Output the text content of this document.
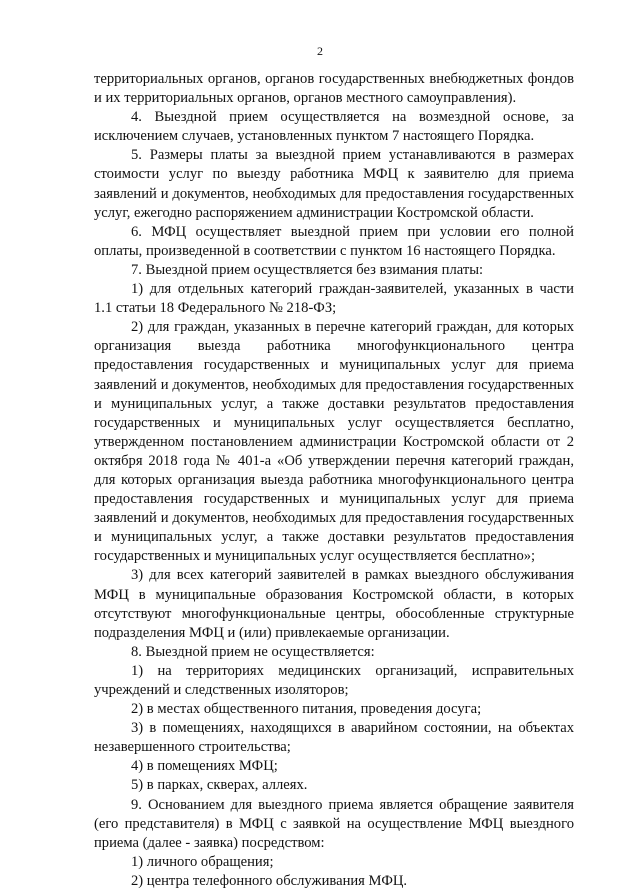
2

территориальных органов, органов государственных внебюджетных фондов и их территориальных органов, органов местного самоуправления).

4. Выездной прием осуществляется на возмездной основе, за исключением случаев, установленных пунктом 7 настоящего Порядка.

5. Размеры платы за выездной прием устанавливаются в размерах стоимости услуг по выезду работника МФЦ к заявителю для приема заявлений и документов, необходимых для предоставления государственных услуг, ежегодно распоряжением администрации Костромской области.

6. МФЦ осуществляет выездной прием при условии его полной оплаты, произведенной в соответствии с пунктом 16 настоящего Порядка.

7. Выездной прием осуществляется без взимания платы:

1) для отдельных категорий граждан-заявителей, указанных в части 1.1 статьи 18 Федерального № 218-ФЗ;

2) для граждан, указанных в перечне категорий граждан, для которых организация выезда работника многофункционального центра предоставления государственных и муниципальных услуг для приема заявлений и документов, необходимых для предоставления государственных и муниципальных услуг, а также доставки результатов предоставления государственных и муниципальных услуг осуществляется бесплатно, утвержденном постановлением администрации Костромской области от 2 октября 2018 года № 401-а «Об утверждении перечня категорий граждан, для которых организация выезда работника многофункционального центра предоставления государственных и муниципальных услуг для приема заявлений и документов, необходимых для предоставления государственных и муниципальных услуг, а также доставки результатов предоставления государственных и муниципальных услуг осуществляется бесплатно»;

3) для всех категорий заявителей в рамках выездного обслуживания МФЦ в муниципальные образования Костромской области, в которых отсутствуют многофункциональные центры, обособленные структурные подразделения МФЦ и (или) привлекаемые организации.

8. Выездной прием не осуществляется:

1) на территориях медицинских организаций, исправительных учреждений и следственных изоляторов;

2) в местах общественного питания, проведения досуга;

3) в помещениях, находящихся в аварийном состоянии, на объектах незавершенного строительства;

4) в помещениях МФЦ;

5) в парках, скверах, аллеях.

9. Основанием для выездного приема является обращение заявителя (его представителя) в МФЦ с заявкой на осуществление МФЦ выездного приема (далее - заявка) посредством:

1) личного обращения;

2) центра телефонного обслуживания МФЦ.
